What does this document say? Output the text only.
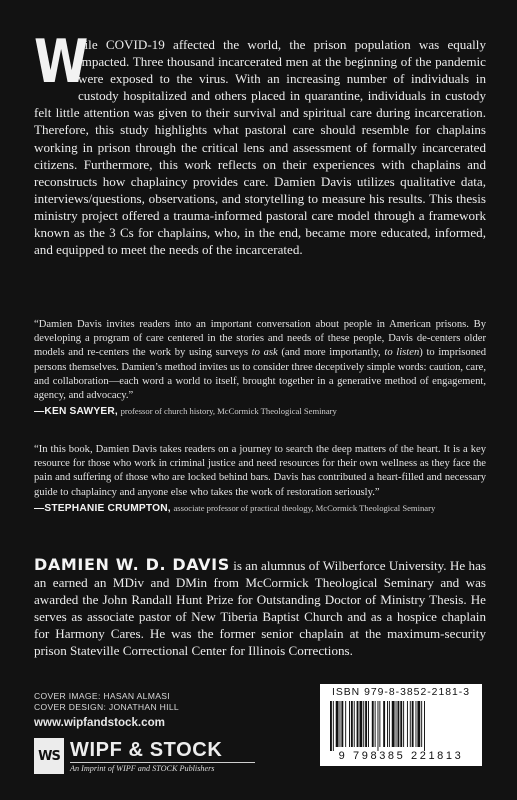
W
hile COVID-19 affected the world, the prison population was equally impacted. Three thousand incarcerated men at the beginning of the pandemic were exposed to the virus. With an increasing number of individuals in custody hospitalized and others placed in quarantine, individuals in custody felt little attention was given to their survival and spiritual care during incarceration. Therefore, this study highlights what pastoral care should resemble for chaplains working in prison through the critical lens and assessment of formally incarcerated citizens. Furthermore, this work reflects on their experiences with chaplains and reconstructs how chaplaincy provides care. Damien Davis utilizes qualitative data, interviews/questions, observations, and storytelling to measure his results. This thesis ministry project offered a trauma-informed pastoral care model through a framework known as the 3 Cs for chaplains, who, in the end, became more educated, informed, and equipped to meet the needs of the incarcerated.
“Damien Davis invites readers into an important conversation about people in American prisons. By developing a program of care centered in the stories and needs of these people, Davis de-centers older models and re-centers the work by using surveys to ask (and more importantly, to listen) to imprisoned persons themselves. Damien’s method invites us to consider three deceptively simple words: caution, care, and collaboration—each word a world to itself, brought together in a generative method of engagement, agency, and advocacy.”
—KEN SAWYER, professor of church history, McCormick Theological Seminary
“In this book, Damien Davis takes readers on a journey to search the deep matters of the heart. It is a key resource for those who work in criminal justice and need resources for their own wellness as they face the pain and suffering of those who are locked behind bars. Davis has contributed a heart-filled and necessary guide to chaplaincy and anyone else who takes the work of restoration seriously.”
—STEPHANIE CRUMPTON, associate professor of practical theology, McCormick Theological Seminary
DAMIEN W. D. DAVIS is an alumnus of Wilberforce University. He has an earned an MDiv and DMin from McCormick Theological Seminary and was awarded the John Randall Hunt Prize for Outstanding Doctor of Ministry Thesis. He serves as associate pastor of New Tiberia Baptist Church and as a hospice chaplain for Harmony Cares. He was the former senior chaplain at the maximum-security prison Stateville Correctional Center for Illinois Corrections.
COVER IMAGE: HASAN ALMASI
COVER DESIGN: JONATHAN HILL
www.wipfandstock.com
WS WIPF & STOCK
An Imprint of WIPF and STOCK Publishers
ISBN 979-8-3852-2181-3
9 798385 221813
